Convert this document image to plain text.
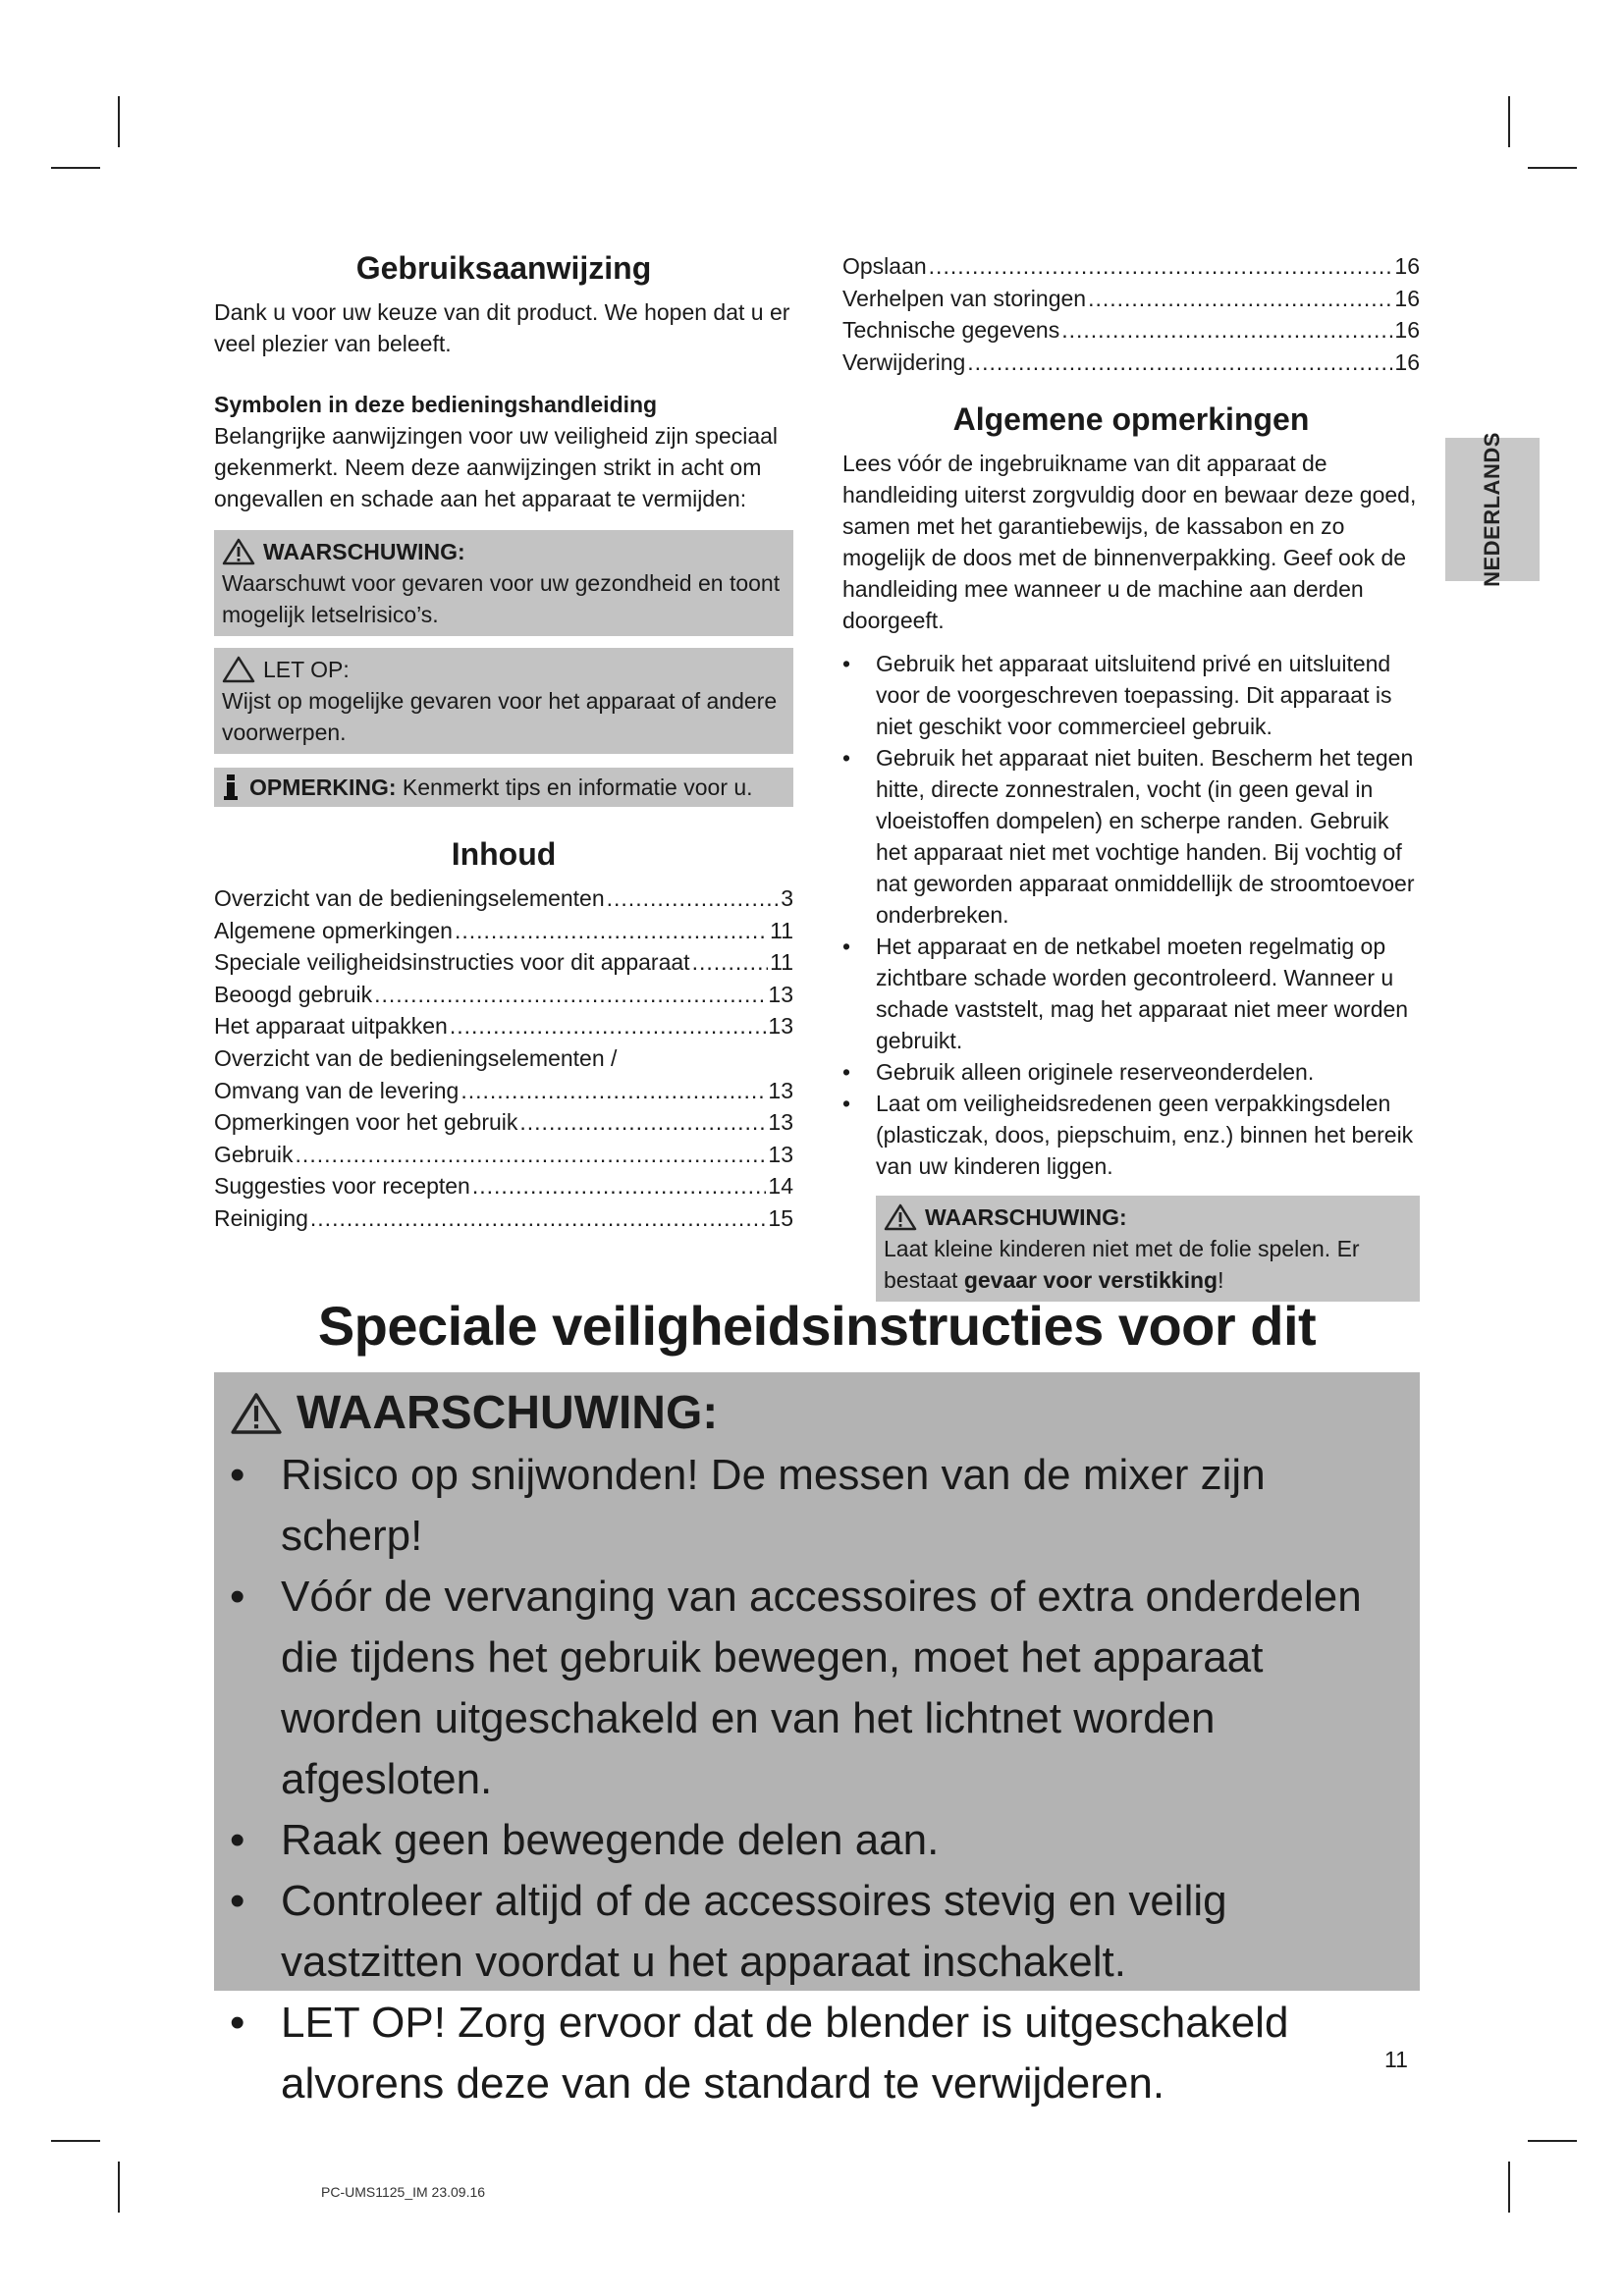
Gebruiksaanwijzing

Dank u voor uw keuze van dit product. We hopen dat u er veel plezier van beleeft.

Symbolen in deze bedieningshandleiding

Belangrijke aanwijzingen voor uw veiligheid zijn speciaal gekenmerkt. Neem deze aanwijzingen strikt in acht om ongevallen en schade aan het apparaat te vermijden:

WAARSCHUWING:
Waarschuwt voor gevaren voor uw gezondheid en toont mogelijk letselrisico’s.
LET OP:
Wijst op mogelijke gevaren voor het apparaat of andere voorwerpen.
OPMERKING: Kenmerkt tips en informatie voor u.
Inhoud
Overzicht van de bedieningselementen .....	3
Algemene opmerkingen .....	11
Speciale veiligheidsinstructies voor dit apparaat .....	11
Beoogd gebruik .....	13
Het apparaat uitpakken .....	13
Overzicht van de bedieningselementen /
Omvang van de levering .....	13
Opmerkingen voor het gebruik .....	13
Gebruik .....	13
Suggesties voor recepten .....	14
Reiniging .....	15
Opslaan .....	16
Verhelpen van storingen .....	16
Technische gegevens .....	16
Verwijdering .....	16
Algemene opmerkingen

Lees vóór de ingebruikname van dit apparaat de handleiding uiterst zorgvuldig door en bewaar deze goed, samen met het garantiebewijs, de kassabon en zo mogelijk de doos met de binnenverpakking. Geef ook de handleiding mee wanneer u de machine aan derden doorgeeft.

• Gebruik het apparaat uitsluitend privé en uitsluitend voor de voorgeschreven toepassing. Dit apparaat is niet geschikt voor commercieel gebruik.
• Gebruik het apparaat niet buiten. Bescherm het tegen hitte, directe zonnestralen, vocht (in geen geval in vloeistoffen dompelen) en scherpe randen. Gebruik het apparaat niet met vochtige handen. Bij vochtig of nat geworden apparaat onmiddellijk de stroomtoevoer onderbreken.
• Het apparaat en de netkabel moeten regelmatig op zichtbare schade worden gecontroleerd. Wanneer u schade vaststelt, mag het apparaat niet meer worden gebruikt.
• Gebruik alleen originele reserveonderdelen.
• Laat om veiligheidsredenen geen verpakkingsdelen (plasticzak, doos, piepschuim, enz.) binnen het bereik van uw kinderen liggen.
WAARSCHUWING:
Laat kleine kinderen niet met de folie spelen. Er bestaat gevaar voor verstikking!
NEDERLANDS
Speciale veiligheidsinstructies voor dit
WAARSCHUWING:
• Risico op snijwonden! De messen van de mixer zijn scherp!
• Vóór de vervanging van accessoires of extra onderdelen die tijdens het gebruik bewegen, moet het apparaat worden uitgeschakeld en van het lichtnet worden afgesloten.
• Raak geen bewegende delen aan.
• Controleer altijd of de accessoires stevig en veilig vastzitten voordat u het apparaat inschakelt.
• LET OP! Zorg ervoor dat de blender is uitgeschakeld alvorens deze van de standard te verwijderen.	11
PC-UMS1125_IM 23.09.16
